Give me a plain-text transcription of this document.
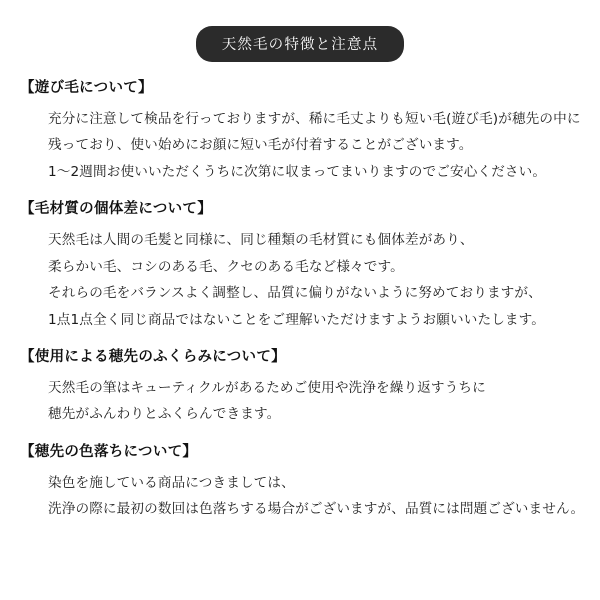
天然毛の特徴と注意点
【遊び毛について】
充分に注意して検品を行っておりますが、稀に毛丈よりも短い毛(遊び毛)が穂先の中に
残っており、使い始めにお顔に短い毛が付着することがございます。
1〜2週間お使いいただくうちに次第に収まってまいりますのでご安心ください。
【毛材質の個体差について】
天然毛は人間の毛髪と同様に、同じ種類の毛材質にも個体差があり、
柔らかい毛、コシのある毛、クセのある毛など様々です。
それらの毛をバランスよく調整し、品質に偏りがないように努めておりますが、
1点1点全く同じ商品ではないことをご理解いただけますようお願いいたします。
【使用による穂先のふくらみについて】
天然毛の筆はキューティクルがあるためご使用や洗浄を繰り返すうちに
穂先がふんわりとふくらんできます。
【穂先の色落ちについて】
染色を施している商品につきましては、
洗浄の際に最初の数回は色落ちする場合がございますが、品質には問題ございません。
